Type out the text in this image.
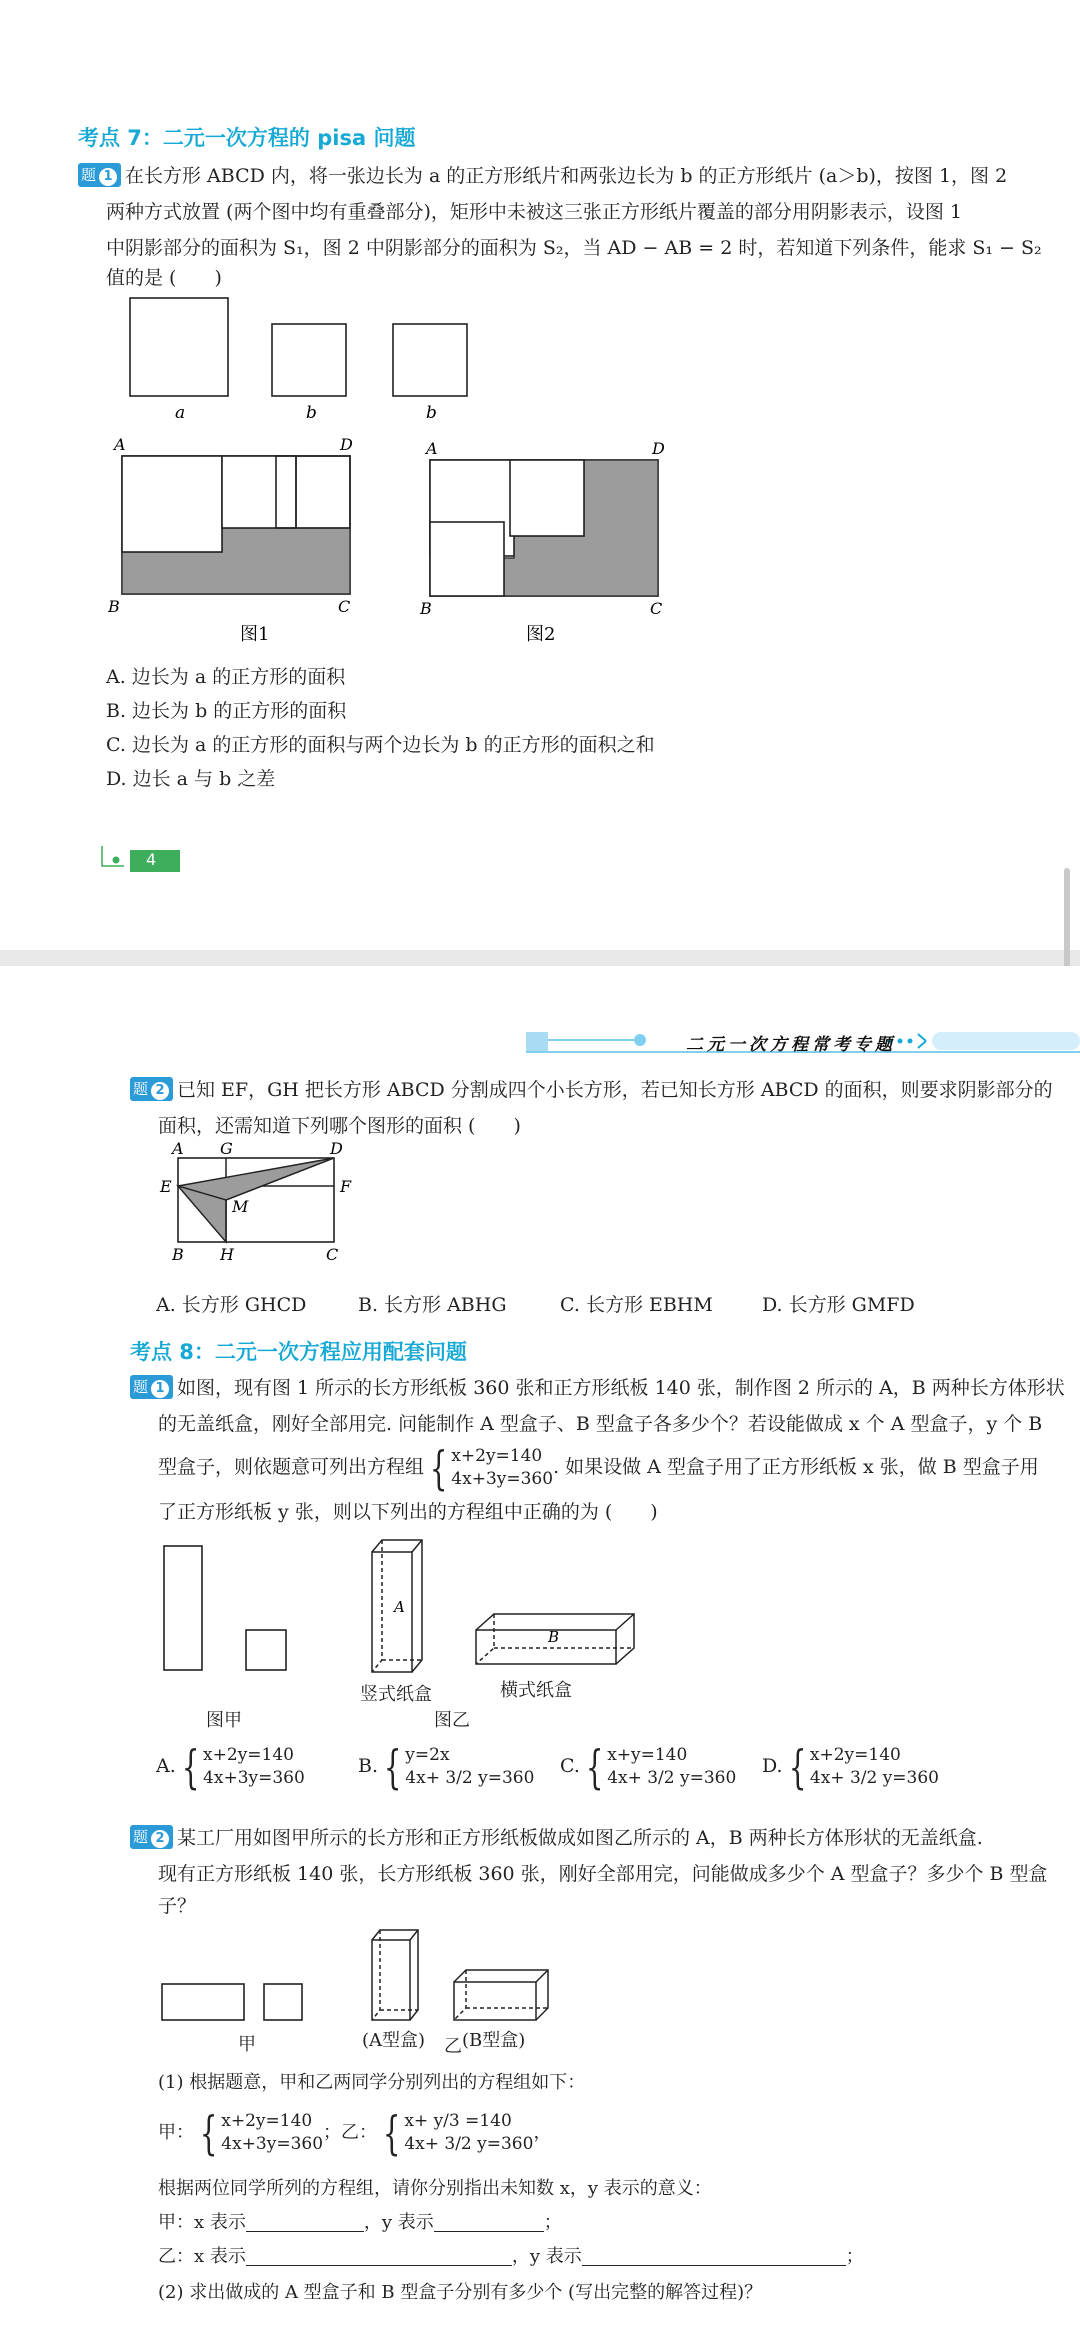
考点 7：二元一次方程的 pisa 问题
题 1 在长方形 ABCD 内，将一张边长为 a 的正方形纸片和两张边长为 b 的正方形纸片 (a＞b)，按图 1，图 2
两种方式放置 (两个图中均有重叠部分)，矩形中未被这三张正方形纸片覆盖的部分用阴影表示，设图 1
中阴影部分的面积为 S₁，图 2 中阴影部分的面积为 S₂，当 AD − AB = 2 时，若知道下列条件，能求 S₁ − S₂
值的是 (　　)
a	b	b
A	D
B	C
图1
A	D
B	C
图2
A. 边长为 a 的正方形的面积
B. 边长为 b 的正方形的面积
C. 边长为 a 的正方形的面积与两个边长为 b 的正方形的面积之和
D. 边长 a 与 b 之差
4
二元一次方程常考专题
题 2 已知 EF，GH 把长方形 ABCD 分割成四个小长方形，若已知长方形 ABCD 的面积，则要求阴影部分的
面积，还需知道下列哪个图形的面积 (　　)
A G	D
E	F
M
B H	C
A. 长方形 GHCD	B. 长方形 ABHG	C. 长方形 EBHM	D. 长方形 GMFD
考点 8：二元一次方程应用配套问题
题 1 如图，现有图 1 所示的长方形纸板 360 张和正方形纸板 140 张，制作图 2 所示的 A，B 两种长方体形状
的无盖纸盒，刚好全部用完. 问能制作 A 型盒子、B 型盒子各多少个？若设能做成 x 个 A 型盒子，y 个 B
型盒子，则依题意可列出方程组 { x+2y=140
4x+3y=360
. 如果设做 A 型盒子用了正方形纸板 x 张，做 B 型盒子用
了正方形纸板 y 张，则以下列出的方程组中正确的为 (　　)
A
B
竖式纸盒	横式纸盒
图甲	图乙
A. { x+2y=140
4x+3y=360
B. { y=2x
4x+ 3/2 y=360
C. { x+y=140
4x+ 3/2 y=360
D. { x+2y=140
4x+ 3/2 y=360
题 2 某工厂用如图甲所示的长方形和正方形纸板做成如图乙所示的 A，B 两种长方体形状的无盖纸盒.
现有正方形纸板 140 张，长方形纸板 360 张，刚好全部用完，问能做成多少个 A 型盒子？多少个 B 型盒
子？
甲	(A型盒) 乙 (B型盒)
(1) 根据题意，甲和乙两同学分别列出的方程组如下：
甲： { x+2y=140
4x+3y=360
；乙： { x+ y/3 =140
4x+ 3/2 y=360
，
根据两位同学所列的方程组，请你分别指出未知数 x，y 表示的意义：
甲：x 表示	，y 表示	；
乙：x 表示	，y 表示	；
(2) 求出做成的 A 型盒子和 B 型盒子分别有多少个 (写出完整的解答过程)？
